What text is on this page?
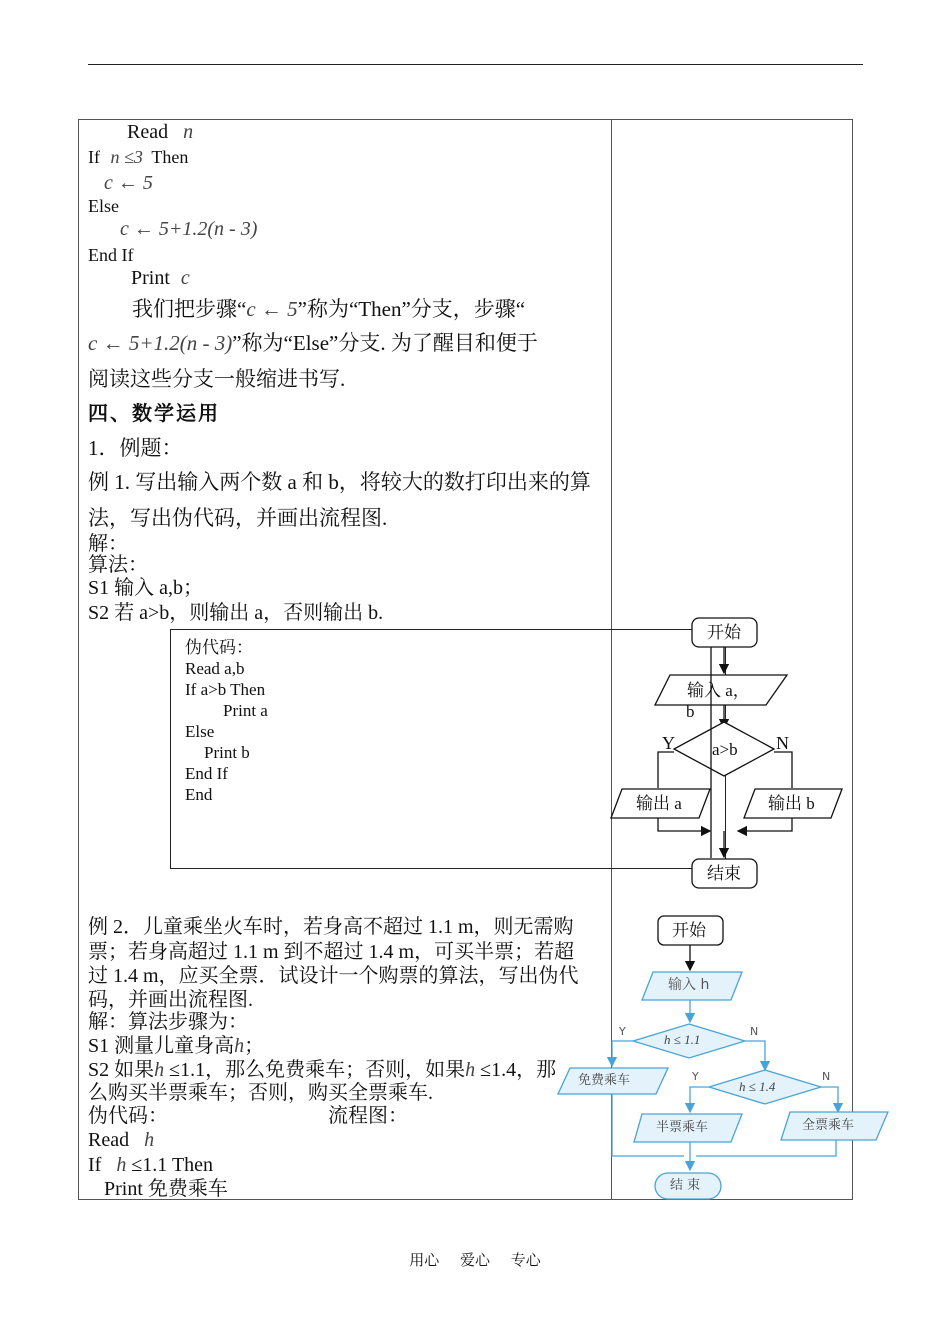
Read n
If n ≤3 Then
c ← 5
Else
c ← 5+1.2(n - 3)
End If
Print c
我们把步骤“c ← 5”称为“Then”分支，步骤“
c ← 5+1.2(n - 3)”称为“Else”分支. 为了醒目和便于
阅读这些分支一般缩进书写.
四、数学运用
1．例题：
例 1. 写出输入两个数 a 和 b，将较大的数打印出来的算
法，写出伪代码，并画出流程图.
解：
算法：
S1 输入 a,b；
S2 若 a>b，则输出 a，否则输出 b.
伪代码：
Read a,b
If a>b Then
Print a
Else
Print b
End If
End
开始
输入 a，
b
a>b
Y	N
输出 a	输出 b
结束
例 2．儿童乘坐火车时，若身高不超过 1.1 m，则无需购
票；若身高超过 1.1 m 到不超过 1.4 m，可买半票；若超
过 1.4 m，应买全票．试设计一个购票的算法，写出伪代
码，并画出流程图.
解：算法步骤为：
S1 测量儿童身高h；
S2 如果h ≤1.1，那么免费乘车；否则，如果h ≤1.4，那
么购买半票乘车；否则，购买全票乘车.
伪代码：	流程图：
Read h
If h ≤1.1 Then
Print 免费乘车
开始
输入 h
h ≤ 1.1
h ≤ 1.4
Y	N
Y	N
免费乘车
半票乘车	全票乘车
结 束
用心 爱心 专心
